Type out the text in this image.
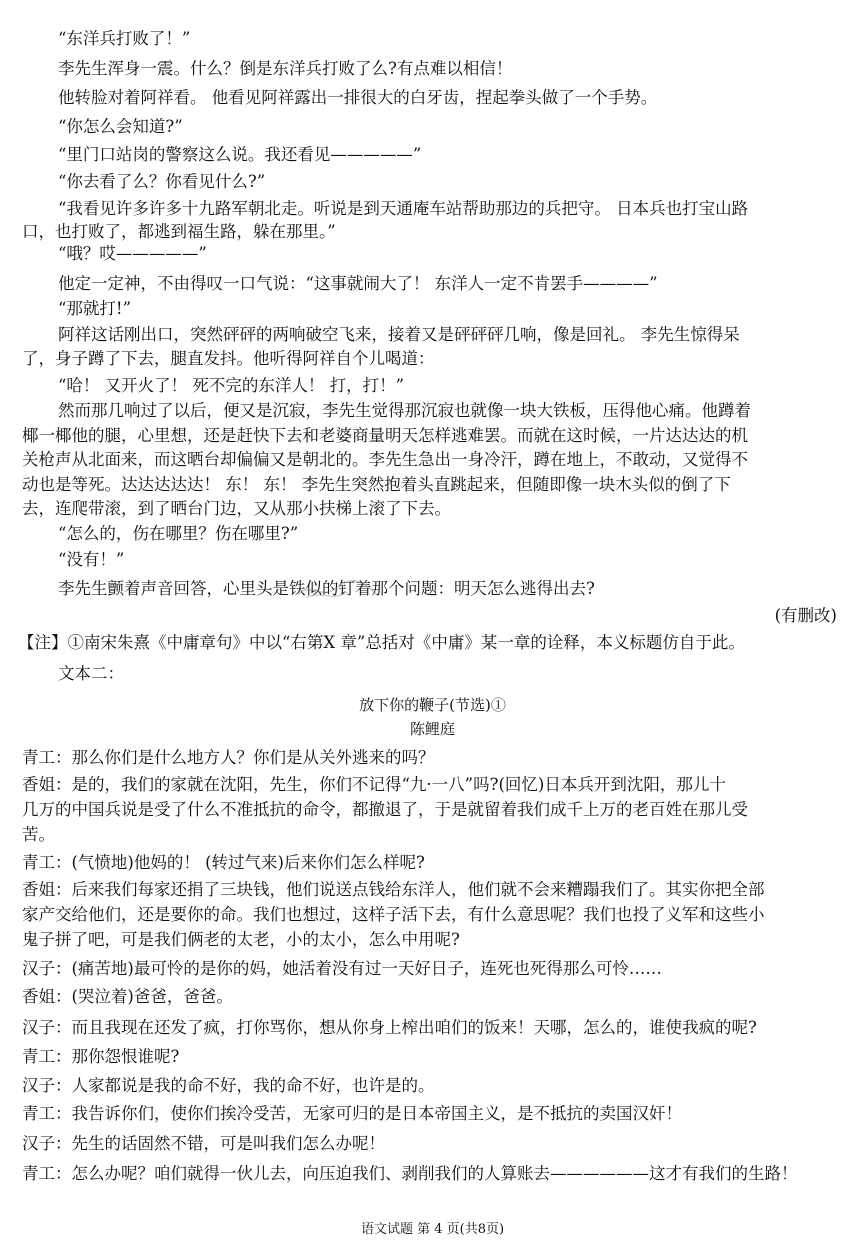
“东洋兵打败了！”
李先生浑身一震。什么？倒是东洋兵打败了么?有点难以相信！
他转脸对着阿祥看。 他看见阿祥露出一排很大的白牙齿，捏起拳头做了一个手势。
“你怎么会知道?”
“里门口站岗的警察这么说。我还看见—————”
“你去看了么？你看见什么?”
“我看见许多许多十九路军朝北走。听说是到天通庵车站帮助那边的兵把守。 日本兵也打宝山路
口，也打败了，都逃到福生路，躲在那里。”
“哦？哎—————”
他定一定神，不由得叹一口气说：“这事就闹大了！ 东洋人一定不肯罢手————”
“那就打!”
阿祥这话刚出口，突然砰砰的两响破空飞来，接着又是砰砰砰几响，像是回礼。 李先生惊得呆
了，身子蹲了下去，腿直发抖。他听得阿祥自个儿喝道：
“哈！ 又开火了！ 死不完的东洋人！ 打，打！”
然而那几响过了以后，便又是沉寂，李先生觉得那沉寂也就像一块大铁板，压得他心痛。他蹲着
椰一椰他的腿，心里想，还是赶快下去和老婆商量明天怎样逃难罢。而就在这时候，一片达达达的机
关枪声从北面来，而这晒台却偏偏又是朝北的。李先生急出一身冷汗，蹲在地上，不敢动，又觉得不
动也是等死。达达达达达！ 东！ 东！ 李先生突然抱着头直跳起来，但随即像一块木头似的倒了下
去，连爬带滚，到了晒台门边，又从那小扶梯上滚了下去。
“怎么的，伤在哪里？伤在哪里?”
“没有！”
李先生颤着声音回答，心里头是铁似的钉着那个问题：明天怎么逃得出去?
(有删改)
【注】①南宋朱熹《中庸章句》中以“右第X 章”总括对《中庸》某一章的诠释，本义标题仿自于此。
文本二：
放下你的鞭子(节选)①
陈鲤庭
青工：那么你们是什么地方人？你们是从关外逃来的吗？
香姐：是的，我们的家就在沈阳，先生，你们不记得“九·一八”吗?(回忆)日本兵开到沈阳，那儿十
几万的中国兵说是受了什么不准抵抗的命令，都撤退了，于是就留着我们成千上万的老百姓在那儿受
苦。
青工：(气愤地)他妈的！ (转过气来)后来你们怎么样呢?
香姐：后来我们每家还捐了三块钱，他们说送点钱给东洋人，他们就不会来糟蹋我们了。其实你把全部
家产交给他们，还是要你的命。我们也想过，这样子活下去，有什么意思呢？我们也投了义军和这些小
鬼子拼了吧，可是我们俩老的太老，小的太小，怎么中用呢?
汉子：(痛苦地)最可怜的是你的妈，她活着没有过一天好日子，连死也死得那么可怜……
香姐：(哭泣着)爸爸，爸爸。
汉子：而且我现在还发了疯，打你骂你，想从你身上榨出咱们的饭来！天哪，怎么的，谁使我疯的呢?
青工：那你怨恨谁呢?
汉子：人家都说是我的命不好，我的命不好，也许是的。
青工：我告诉你们，使你们挨冷受苦，无家可归的是日本帝国主义，是不抵抗的卖国汉奸！
汉子：先生的话固然不错，可是叫我们怎么办呢！
青工：怎么办呢？咱们就得一伙儿去，向压迫我们、剥削我们的人算账去——————这才有我们的生路！
语文试题 第 4 页(共8页)
